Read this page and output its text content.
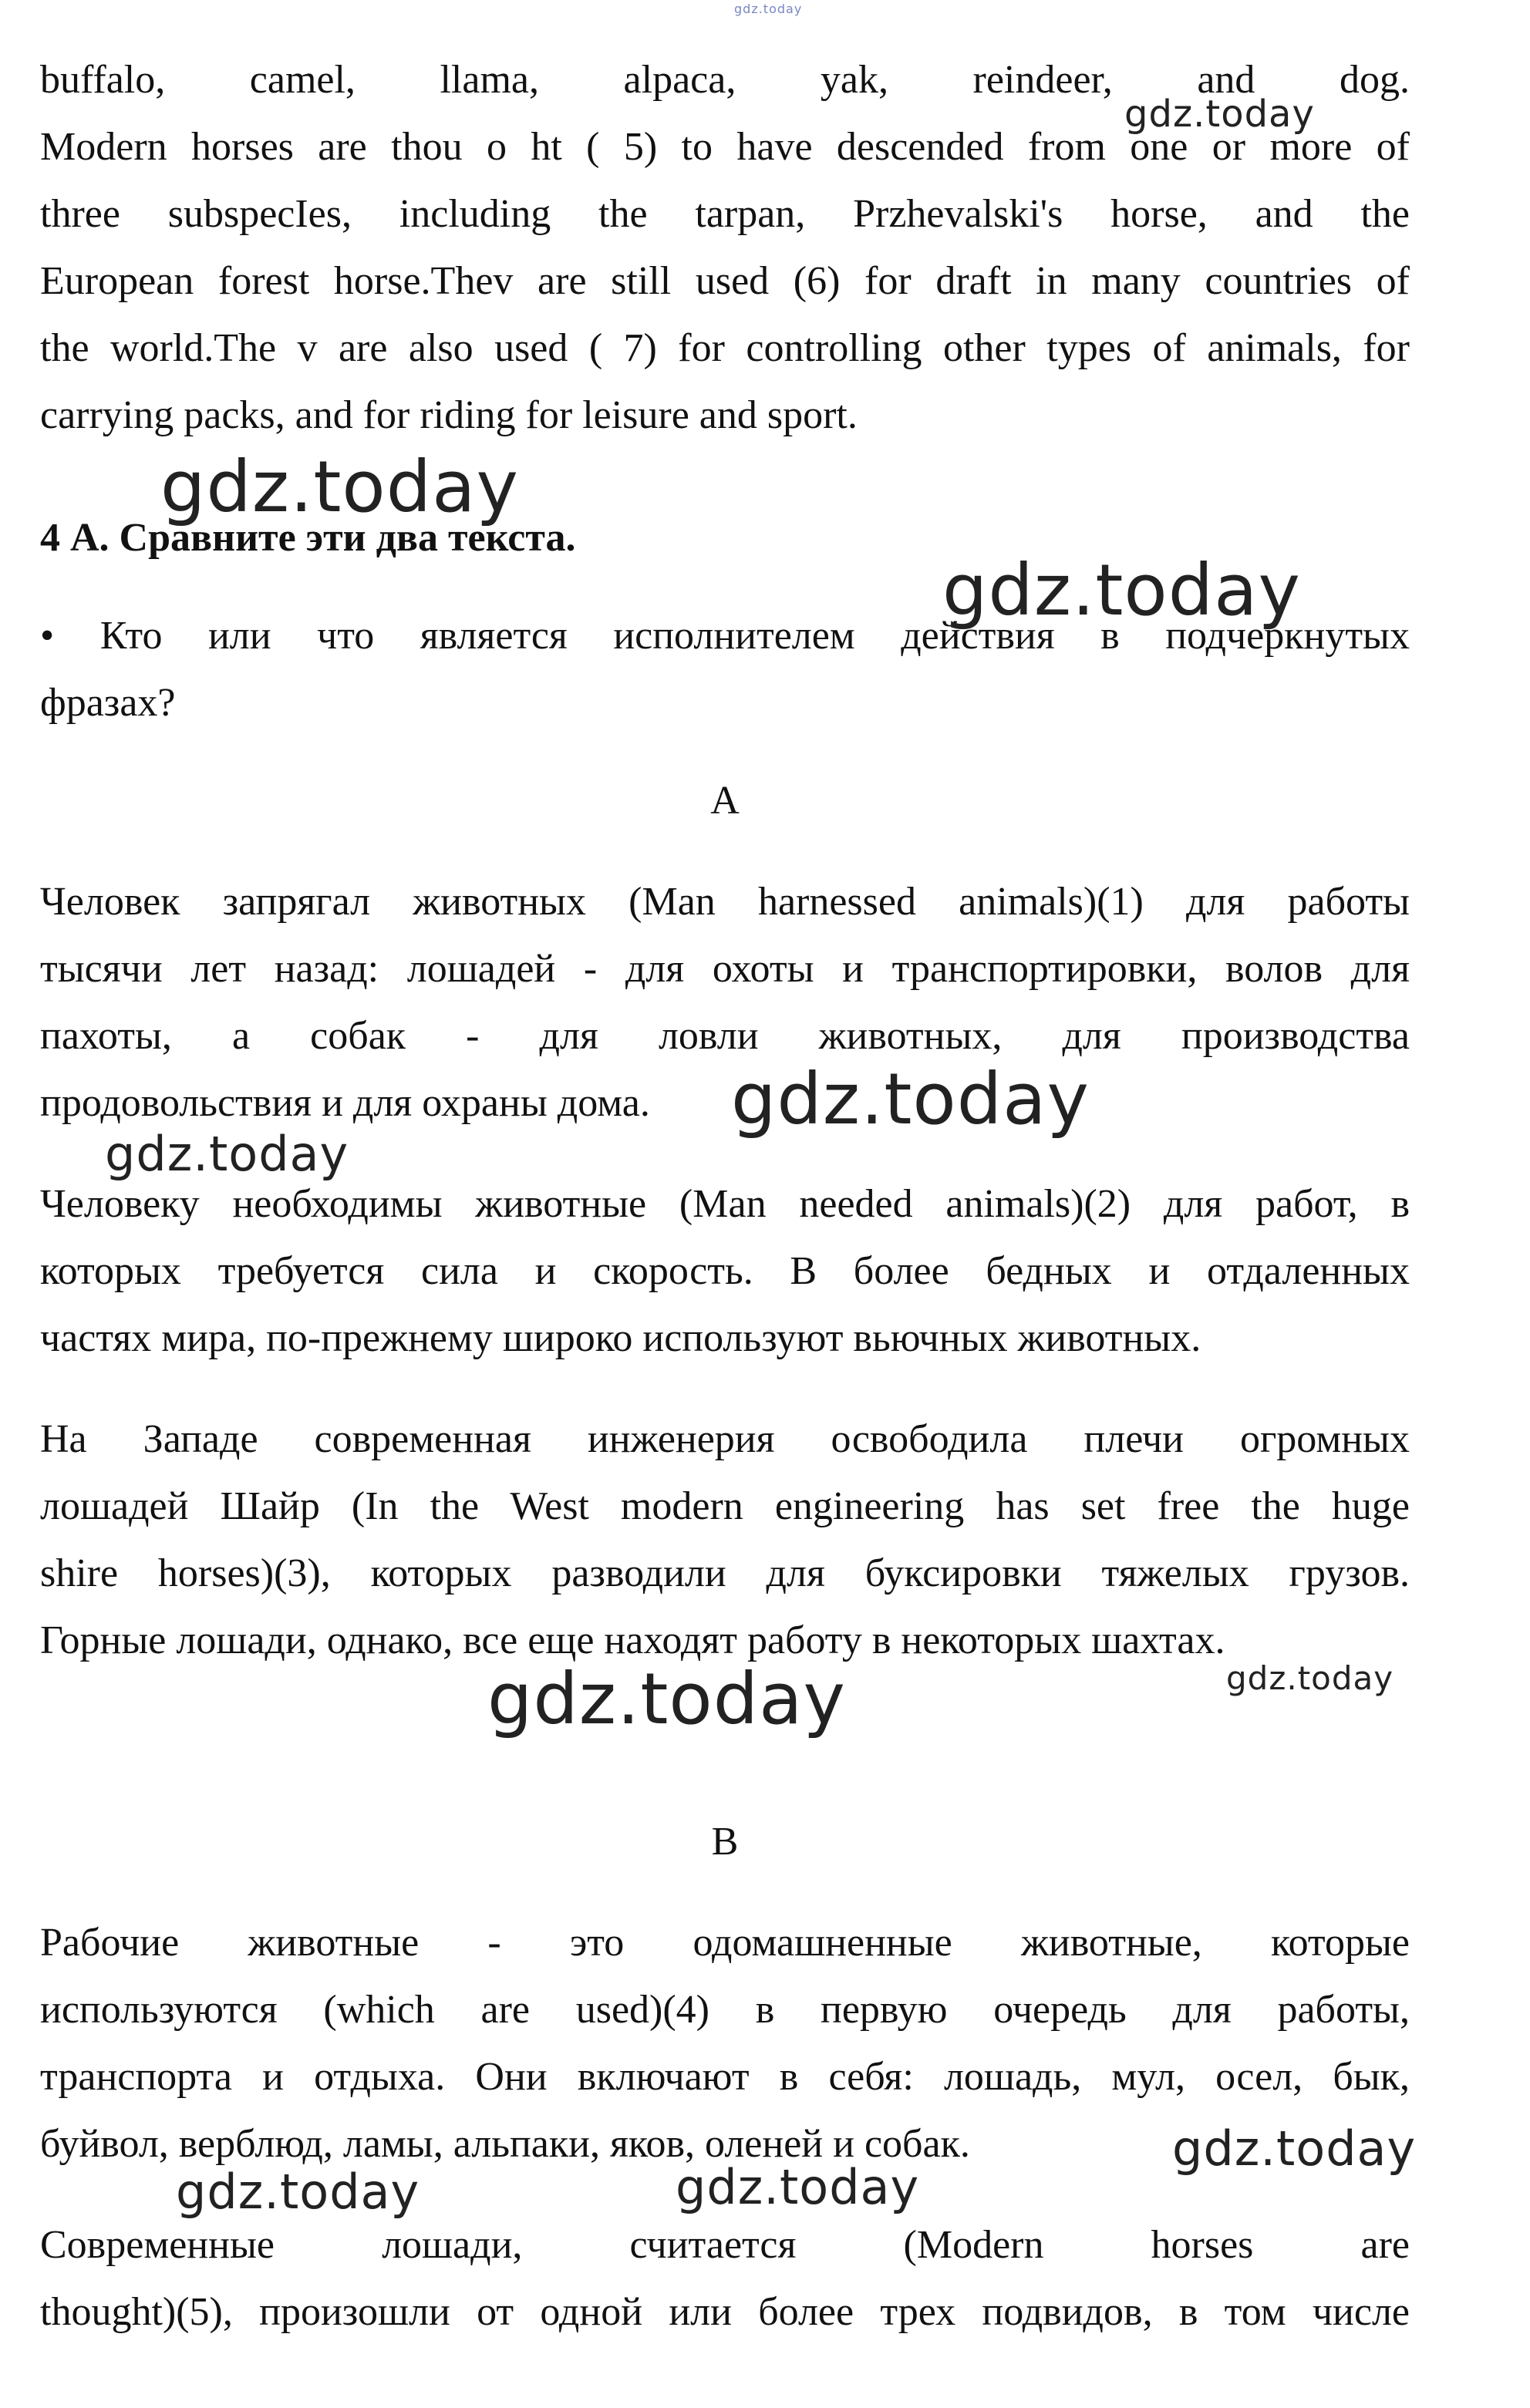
gdz.today
buffalo, camel, llama, alpaca, yak, reindeer, and dog.
Modern horses are thou o ht ( 5) to have descended from one or more of
three subspecIes, including the tarpan, Przhevalski's horse, and the
European forest horse.Thev are still used (6) for draft in many countries of
the world.The v are also used ( 7) for controlling other types of animals, for
carrying packs, and for riding for leisure and sport.

4 А. Сравните эти два текста.

• Кто или что является исполнителем действия в подчеркнутых
фразах?

A

Человек запрягал животных (Man harnessed animals)(1) для работы
тысячи лет назад: лошадей - для охоты и транспортировки, волов для
пахоты, а собак - для ловли животных, для производства
продовольствия и для охраны дома.
Человеку необходимы животные (Man needed animals)(2) для работ, в
которых требуется сила и скорость. В более бедных и отдаленных
частях мира, по-прежнему широко используют вьючных животных.
На Западе современная инженерия освободила плечи огромных
лошадей Шайр (In the West modern engineering has set free the huge
shire horses)(3), которых разводили для буксировки тяжелых грузов.
Горные лошади, однако, все еще находят работу в некоторых шахтах.

B

Рабочие животные - это одомашненные животные, которые
используются (which are used)(4) в первую очередь для работы,
транспорта и отдыха. Они включают в себя: лошадь, мул, осел, бык,
буйвол, верблюд, ламы, альпаки, яков, оленей и собак.
Современные лошади, считается (Modern horses are
thought)(5), произошли от одной или более трех подвидов, в том числе
gdz.today
gdz.today
gdz.today
gdz.today
gdz.today
gdz.today
gdz.today
gdz.today
gdz.today	gdz.today
